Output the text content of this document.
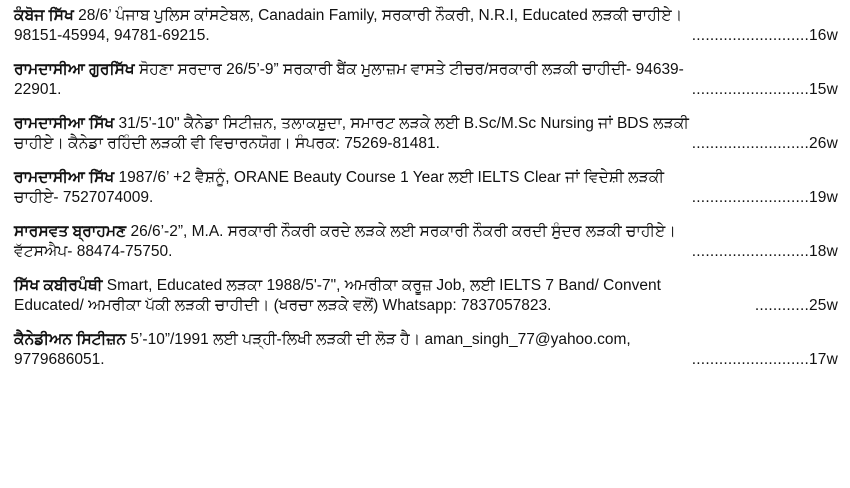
ਕੰਬੋਜ ਸਿੱਖ 28/6’ ਪੰਜਾਬ ਪੁਲਿਸ ਕਾਂਸਟੇਬਲ, Canadain Family, ਸਰਕਾਰੀ ਨੌਕਰੀ, N.R.I, Educated ਲੜਕੀ ਚਾਹੀਏ।
98151-45994, 94781-69215.	..........................16w
ਰਾਮਦਾਸੀਆ ਗੁਰਸਿੱਖ ਸੋਹਣਾ ਸਰਦਾਰ 26/5’-9” ਸਰਕਾਰੀ ਬੈਂਕ ਮੁਲਾਜ਼ਮ ਵਾਸਤੇ ਟੀਚਰ/ਸਰਕਾਰੀ ਲੜਕੀ ਚਾਹੀਦੀ- 94639-
22901.	..........................15w
ਰਾਮਦਾਸੀਆ ਸਿੱਖ 31/5'-10" ਕੈਨੇਡਾ ਸਿਟੀਜ਼ਨ, ਤਲਾਕਸ਼ੁਦਾ, ਸਮਾਰਟ ਲੜਕੇ ਲਈ B.Sc/M.Sc Nursing ਜਾਂ BDS ਲੜਕੀ
ਚਾਹੀਏ। ਕੈਨੇਡਾ ਰਹਿੰਦੀ ਲੜਕੀ ਵੀ ਵਿਚਾਰਨਯੋਗ। ਸੰਪਰਕ: 75269-81481.	..........................26w
ਰਾਮਦਾਸੀਆ ਸਿੱਖ 1987/6’ +2 ਵੈਸ਼ਨੂੰ, ORANE Beauty Course 1 Year ਲਈ IELTS Clear ਜਾਂ ਵਿਦੇਸ਼ੀ ਲੜਕੀ
ਚਾਹੀਏ- 7527074009.	..........................19w
ਸਾਰਸਵਤ ਬ੍ਰਾਹਮਣ 26/6’-2”, M.A. ਸਰਕਾਰੀ ਨੌਕਰੀ ਕਰਦੇ ਲੜਕੇ ਲਈ ਸਰਕਾਰੀ ਨੌਕਰੀ ਕਰਦੀ ਸੁੰਦਰ ਲੜਕੀ ਚਾਹੀਏ।
ਵੱਟਸਐਪ- 88474-75750.	..........................18w
ਸਿੱਖ ਕਬੀਰਪੰਥੀ Smart, Educated ਲੜਕਾ 1988/5'-7", ਅਮਰੀਕਾ ਕਰੂਜ਼ Job, ਲਈ IELTS 7 Band/ Convent
Educated/ ਅਮਰੀਕਾ ਪੱਕੀ ਲੜਕੀ ਚਾਹੀਦੀ। (ਖਰਚਾ ਲੜਕੇ ਵਲੋਂ) Whatsapp: 7837057823.	............25w
ਕੈਨੇਡੀਅਨ ਸਿਟੀਜ਼ਨ 5’-10”/1991 ਲਈ ਪੜ੍ਹੀ-ਲਿਖੀ ਲੜਕੀ ਦੀ ਲੋੜ ਹੈ। aman_singh_77@yahoo.com,
9779686051.	..........................17w
